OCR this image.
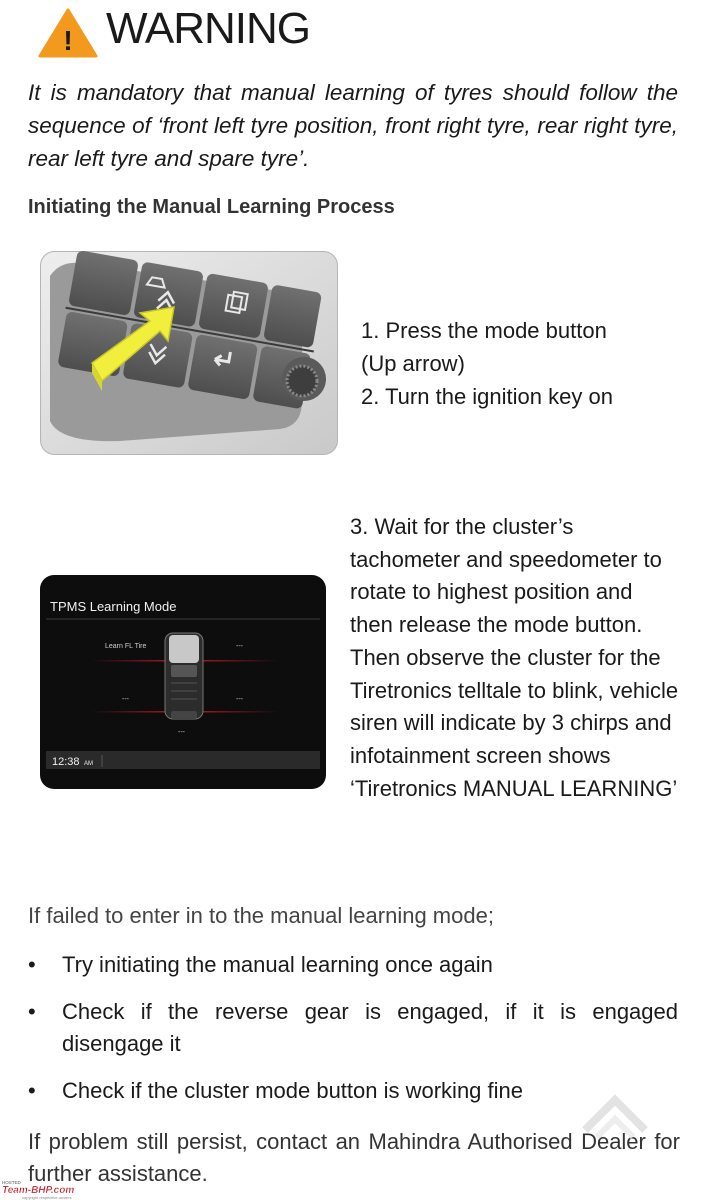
! WARNING
It is mandatory that manual learning of tyres should follow the sequence of ‘front left tyre position, front right tyre, rear right tyre, rear left tyre and spare tyre’.
Initiating the Manual Learning Process
1. Press the mode button
(Up arrow)
2. Turn the ignition key on
TPMS Learning Mode
Learn FL Tire	---
---	---
---
12:38 AM
3. Wait for the cluster’s tachometer and speedometer to rotate to highest position and then release the mode button. Then observe the cluster for the Tiretronics telltale to blink, vehicle siren will indicate by 3 chirps and infotainment screen shows ‘Tiretronics MANUAL LEARNING’
If failed to enter in to the manual learning mode;
• Try initiating the manual learning once again
• Check if the reverse gear is engaged, if it is engaged disengage it
• Check if the cluster mode button is working fine
If problem still persist, contact an Mahindra Authorised Dealer for further assistance.
HOSTED
Team-BHP.com
copyright respective owners
